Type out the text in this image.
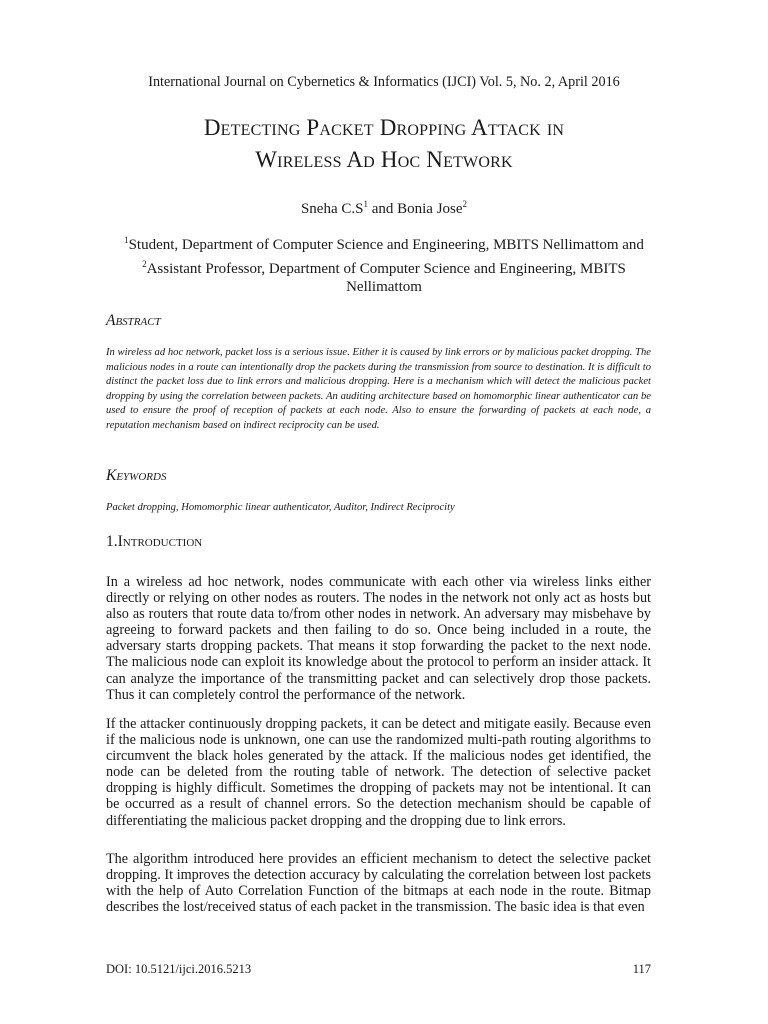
International Journal on Cybernetics & Informatics (IJCI) Vol. 5, No. 2, April 2016
Detecting Packet Dropping Attack in
Wireless Ad Hoc Network
Sneha $C.S^1$ and Bonia Jose$^2$
$^1$Student, Department of Computer Science and Engineering, MBITS Nellimattom and
$^2$Assistant Professor, Department of Computer Science and Engineering, MBITS
Nellimattom
Abstract
In wireless ad hoc network, packet loss is a serious issue. Either it is caused by link errors or by malicious packet dropping. The malicious nodes in a route can intentionally drop the packets during the transmission from source to destination. It is difficult to distinct the packet loss due to link errors and malicious dropping. Here is a mechanism which will detect the malicious packet dropping by using the correlation between packets. An auditing architecture based on homomorphic linear authenticator can be used to ensure the proof of reception of packets at each node. Also to ensure the forwarding of packets at each node, a reputation mechanism based on indirect reciprocity can be used.
Keywords
Packet dropping, Homomorphic linear authenticator, Auditor, Indirect Reciprocity
1.Introduction
In a wireless ad hoc network, nodes communicate with each other via wireless links either directly or relying on other nodes as routers. The nodes in the network not only act as hosts but also as routers that route data to/from other nodes in network. An adversary may misbehave by agreeing to forward packets and then failing to do so. Once being included in a route, the adversary starts dropping packets. That means it stop forwarding the packet to the next node. The malicious node can exploit its knowledge about the protocol to perform an insider attack. It can analyze the importance of the transmitting packet and can selectively drop those packets. Thus it can completely control the performance of the network.
If the attacker continuously dropping packets, it can be detect and mitigate easily. Because even if the malicious node is unknown, one can use the randomized multi-path routing algorithms to circumvent the black holes generated by the attack. If the malicious nodes get identified, the node can be deleted from the routing table of network. The detection of selective packet dropping is highly difficult. Sometimes the dropping of packets may not be intentional. It can be occurred as a result of channel errors. So the detection mechanism should be capable of differentiating the malicious packet dropping and the dropping due to link errors.
The algorithm introduced here provides an efficient mechanism to detect the selective packet dropping. It improves the detection accuracy by calculating the correlation between lost packets with the help of Auto Correlation Function of the bitmaps at each node in the route. Bitmap describes the lost/received status of each packet in the transmission. The basic idea is that even
DOI: 10.5121/ijci.2016.5213	117
